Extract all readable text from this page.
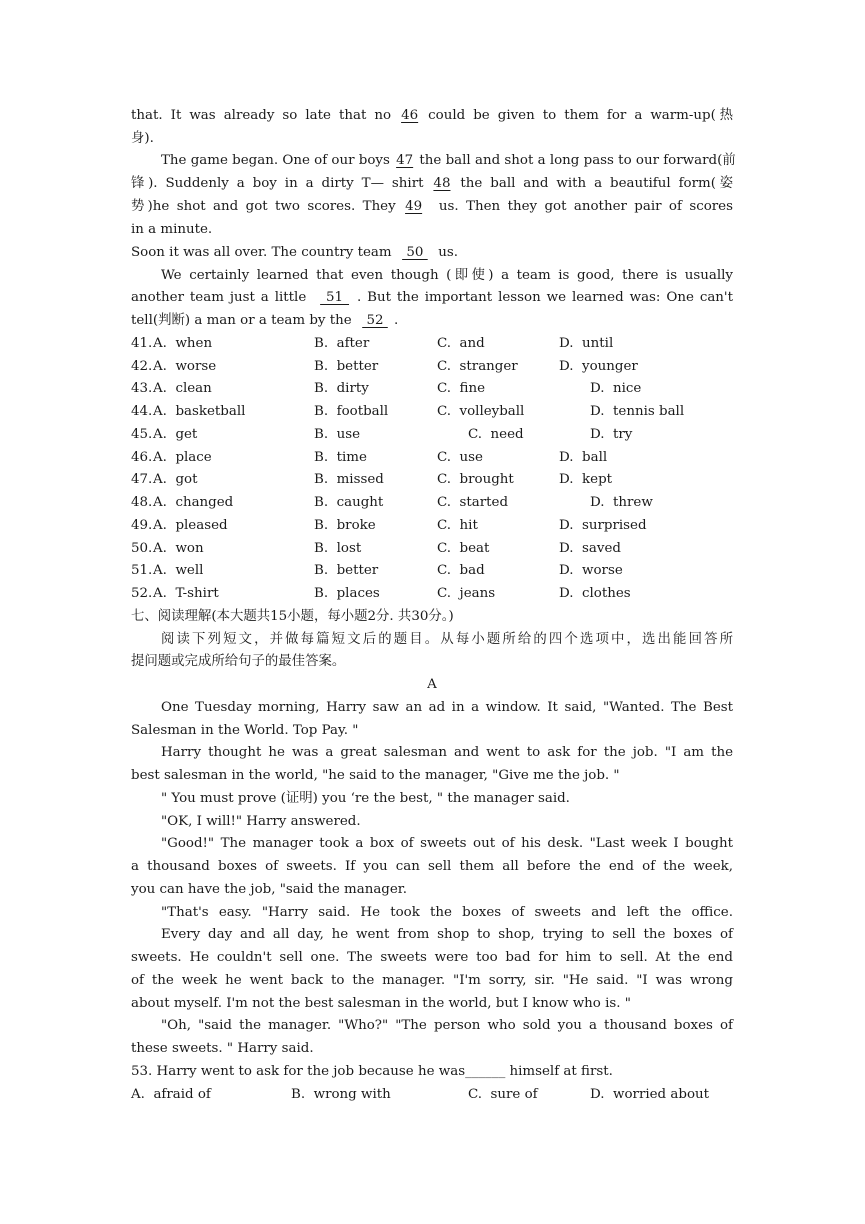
that. It was already so late that no 46 could be given to them for a warm-up(热
身).
The game began. One of our boys 47 the ball and shot a long pass to our forward(前
锋). Suddenly a boy in a dirty T— shirt 48 the ball and with a beautiful form(姿
势)he shot and got two scores. They 49  us. Then they got another pair of scores
in a minute.
Soon it was all over. The country team   50   us.
We certainly learned that even though (即使) a team is good, there is usually
another team just a little   51  . But the important lesson we learned was: One can't
tell(判断) a man or a team by the   52  .
41. A.  when	B.  after	C.  and	D.  until
42. A.  worse	B.  better	C.  stranger	D.  younger
43. A.  clean	B.  dirty	C.  fine	D.  nice
44. A.  basketball	B.  football	C.  volleyball	D.  tennis ball
45. A.  get	B.  use	C.  need	D.  try
46. A.  place	B.  time	C.  use	D.  ball
47. A.  got	B.  missed	C.  brought	D.  kept
48. A.  changed	B.  caught	C.  started	D.  threw
49. A.  pleased	B.  broke	C.  hit	D.  surprised
50. A.  won	B.  lost	C.  beat	D.  saved
51. A.  well	B.  better	C.  bad	D.  worse
52. A.  T-shirt	B.  places	C.  jeans	D.  clothes
七、阅读理解(本大题共15小题，每小题2分. 共30分。)
阅读下列短文，并做每篇短文后的题目。从每小题所给的四个选项中，选出能回答所
提问题或完成所给句子的最佳答案。
A
One Tuesday morning, Harry saw an ad in a window. It said, "Wanted. The Best
Salesman in the World. Top Pay. "
Harry thought he was a great salesman and went to ask for the job. "I am the
best salesman in the world, "he said to the manager, "Give me the job. "
" You must prove (证明) you ‘re the best, " the manager said.
"OK, I will!" Harry answered.
"Good!" The manager took a box of sweets out of his desk. "Last week I bought
a thousand boxes of sweets. If you can sell them all before the end of the week,
you can have the job, "said the manager.
"That's easy. "Harry said. He took the boxes of sweets and left the office.
Every day and all day, he went from shop to shop, trying to sell the boxes of
sweets. He couldn't sell one. The sweets were too bad for him to sell. At the end
of the week he went back to the manager. "I'm sorry, sir. "He said. "I was wrong
about myself. I'm not the best salesman in the world, but I know who is. "
"Oh, "said the manager. "Who?" "The person who sold you a thousand boxes of
these sweets. " Harry said.
53. Harry went to ask for the job because he was______ himself at first.
A.  afraid of	B.  wrong with	C.  sure of	D.  worried about
